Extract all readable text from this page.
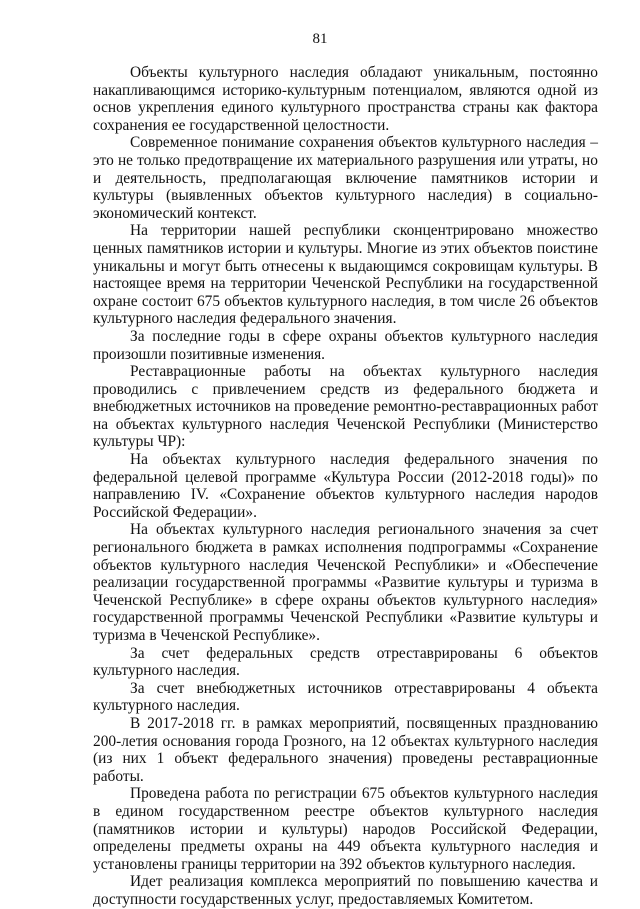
81

Объекты культурного наследия обладают уникальным, постоянно накапливающимся историко-культурным потенциалом, являются одной из основ укрепления единого культурного пространства страны как фактора сохранения ее государственной целостности.

Современное понимание сохранения объектов культурного наследия – это не только предотвращение их материального разрушения или утраты, но и деятельность, предполагающая включение памятников истории и культуры (выявленных объектов культурного наследия) в социально-экономический контекст.

На территории нашей республики сконцентрировано множество ценных памятников истории и культуры. Многие из этих объектов поистине уникальны и могут быть отнесены к выдающимся сокровищам культуры. В настоящее время на территории Чеченской Республики на государственной охране состоит 675 объектов культурного наследия, в том числе 26 объектов культурного наследия федерального значения.

За последние годы в сфере охраны объектов культурного наследия произошли позитивные изменения.

Реставрационные работы на объектах культурного наследия проводились с привлечением средств из федерального бюджета и внебюджетных источников на проведение ремонтно-реставрационных работ на объектах культурного наследия Чеченской Республики (Министерство культуры ЧР):

На объектах культурного наследия федерального значения по федеральной целевой программе «Культура России (2012-2018 годы)» по направлению IV. «Сохранение объектов культурного наследия народов Российской Федерации».

На объектах культурного наследия регионального значения за счет регионального бюджета в рамках исполнения подпрограммы «Сохранение объектов культурного наследия Чеченской Республики» и «Обеспечение реализации государственной программы «Развитие культуры и туризма в Чеченской Республике» в сфере охраны объектов культурного наследия» государственной программы Чеченской Республики «Развитие культуры и туризма в Чеченской Республике».

За счет федеральных средств отреставрированы 6 объектов культурного наследия.

За счет внебюджетных источников отреставрированы 4 объекта культурного наследия.

В 2017-2018 гг. в рамках мероприятий, посвященных празднованию 200-летия основания города Грозного, на 12 объектах культурного наследия (из них 1 объект федерального значения) проведены реставрационные работы.

Проведена работа по регистрации 675 объектов культурного наследия в едином государственном реестре объектов культурного наследия (памятников истории и культуры) народов Российской Федерации, определены предметы охраны на 449 объекта культурного наследия и установлены границы территории на 392 объектов культурного наследия.

Идет реализация комплекса мероприятий по повышению качества и доступности государственных услуг, предоставляемых Комитетом.
